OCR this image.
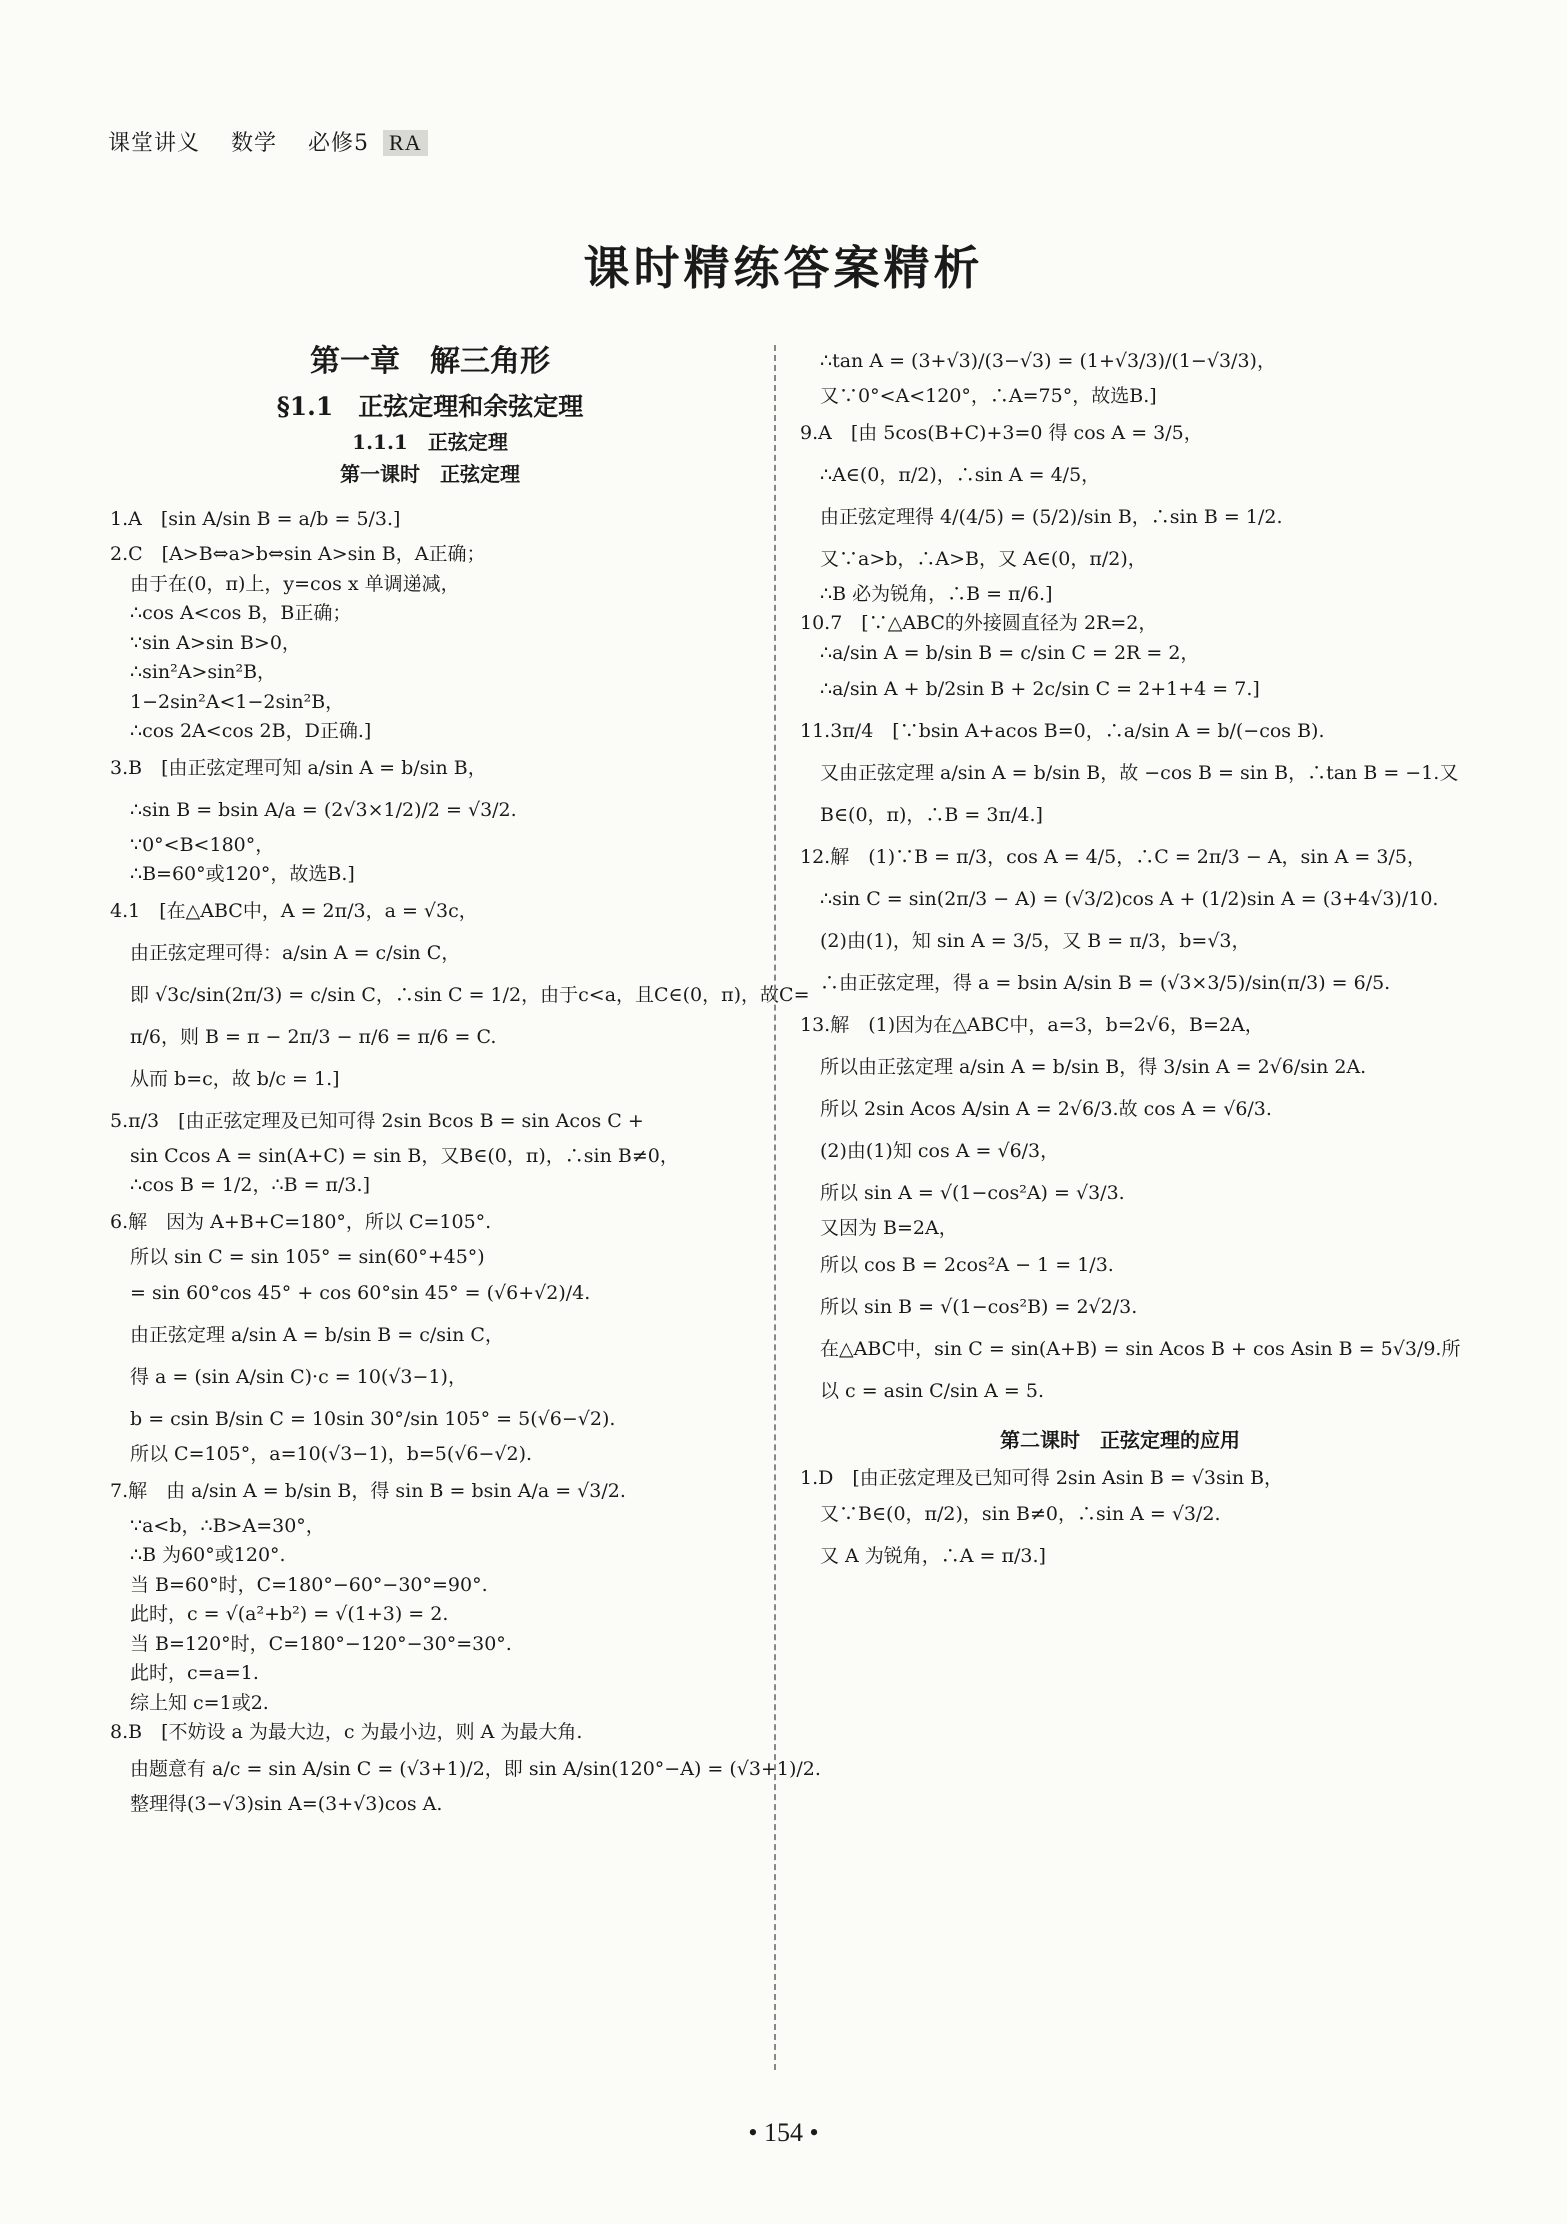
课堂讲义　 数学　 必修5 RA
课时精练答案精析
第一章　解三角形
§1.1　正弦定理和余弦定理
1.1.1　正弦定理
第一课时　正弦定理
1.A　[sin A/sin B = a/b = 5/3.]
2.C　[A>B⇔a>b⇔sin A>sin B，A正确；
由于在(0，π)上，y=cos x 单调递减，
∴cos A<cos B，B正确；
∵sin A>sin B>0，
∴sin²A>sin²B，
1−2sin²A<1−2sin²B，
∴cos 2A<cos 2B，D正确.]
3.B　[由正弦定理可知 a/sin A = b/sin B，
∴sin B = bsin A/a = (2√3×1/2)/2 = √3/2.
∵0°<B<180°，
∴B=60°或120°，故选B.]
4.1　[在△ABC中，A = 2π/3，a = √3c，
由正弦定理可得：a/sin A = c/sin C，
即 √3c/sin(2π/3) = c/sin C，∴sin C = 1/2，由于c<a，且C∈(0，π)，故C=
π/6，则 B = π − 2π/3 − π/6 = π/6 = C.
从而 b=c，故 b/c = 1.]
5.π/3　[由正弦定理及已知可得 2sin Bcos B = sin Acos C +
sin Ccos A = sin(A+C) = sin B，又B∈(0，π)，∴sin B≠0，
∴cos B = 1/2，∴B = π/3.]
6.解　因为 A+B+C=180°，所以 C=105°.
所以 sin C = sin 105° = sin(60°+45°)
= sin 60°cos 45° + cos 60°sin 45° = (√6+√2)/4.
由正弦定理 a/sin A = b/sin B = c/sin C，
得 a = (sin A/sin C)·c = 10(√3−1)，
b = csin B/sin C = 10sin 30°/sin 105° = 5(√6−√2).
所以 C=105°，a=10(√3−1)，b=5(√6−√2).
7.解　由 a/sin A = b/sin B，得 sin B = bsin A/a = √3/2.
∵a<b，∴B>A=30°，
∴B 为60°或120°.
当 B=60°时，C=180°−60°−30°=90°.
此时，c = √(a²+b²) = √(1+3) = 2.
当 B=120°时，C=180°−120°−30°=30°.
此时，c=a=1.
综上知 c=1或2.
8.B　[不妨设 a 为最大边，c 为最小边，则 A 为最大角.
由题意有 a/c = sin A/sin C = (√3+1)/2，即 sin A/sin(120°−A) = (√3+1)/2.
整理得(3−√3)sin A=(3+√3)cos A.
∴tan A = (3+√3)/(3−√3) = (1+√3/3)/(1−√3/3)，
又∵0°<A<120°，∴A=75°，故选B.]
9.A　[由 5cos(B+C)+3=0 得 cos A = 3/5，
∴A∈(0，π/2)，∴sin A = 4/5，
由正弦定理得 4/(4/5) = (5/2)/sin B，∴sin B = 1/2.
又∵a>b，∴A>B，又 A∈(0，π/2)，
∴B 必为锐角，∴B = π/6.]
10.7　[∵△ABC的外接圆直径为 2R=2，
∴a/sin A = b/sin B = c/sin C = 2R = 2，
∴a/sin A + b/2sin B + 2c/sin C = 2+1+4 = 7.]
11.3π/4　[∵bsin A+acos B=0，∴a/sin A = b/(−cos B).
又由正弦定理 a/sin A = b/sin B，故 −cos B = sin B，∴tan B = −1.又
B∈(0，π)，∴B = 3π/4.]
12.解　(1)∵B = π/3，cos A = 4/5，∴C = 2π/3 − A，sin A = 3/5，
∴sin C = sin(2π/3 − A) = (√3/2)cos A + (1/2)sin A = (3+4√3)/10.
(2)由(1)，知 sin A = 3/5，又 B = π/3，b=√3，
∴由正弦定理，得 a = bsin A/sin B = (√3×3/5)/sin(π/3) = 6/5.
13.解　(1)因为在△ABC中，a=3，b=2√6，B=2A，
所以由正弦定理 a/sin A = b/sin B，得 3/sin A = 2√6/sin 2A.
所以 2sin Acos A/sin A = 2√6/3.故 cos A = √6/3.
(2)由(1)知 cos A = √6/3，
所以 sin A = √(1−cos²A) = √3/3.
又因为 B=2A，
所以 cos B = 2cos²A − 1 = 1/3.
所以 sin B = √(1−cos²B) = 2√2/3.
在△ABC中，sin C = sin(A+B) = sin Acos B + cos Asin B = 5√3/9.所
以 c = asin C/sin A = 5.
第二课时　正弦定理的应用
1.D　[由正弦定理及已知可得 2sin Asin B = √3sin B，
又∵B∈(0，π/2)，sin B≠0，∴sin A = √3/2.
又 A 为锐角，∴A = π/3.]
• 154 •
